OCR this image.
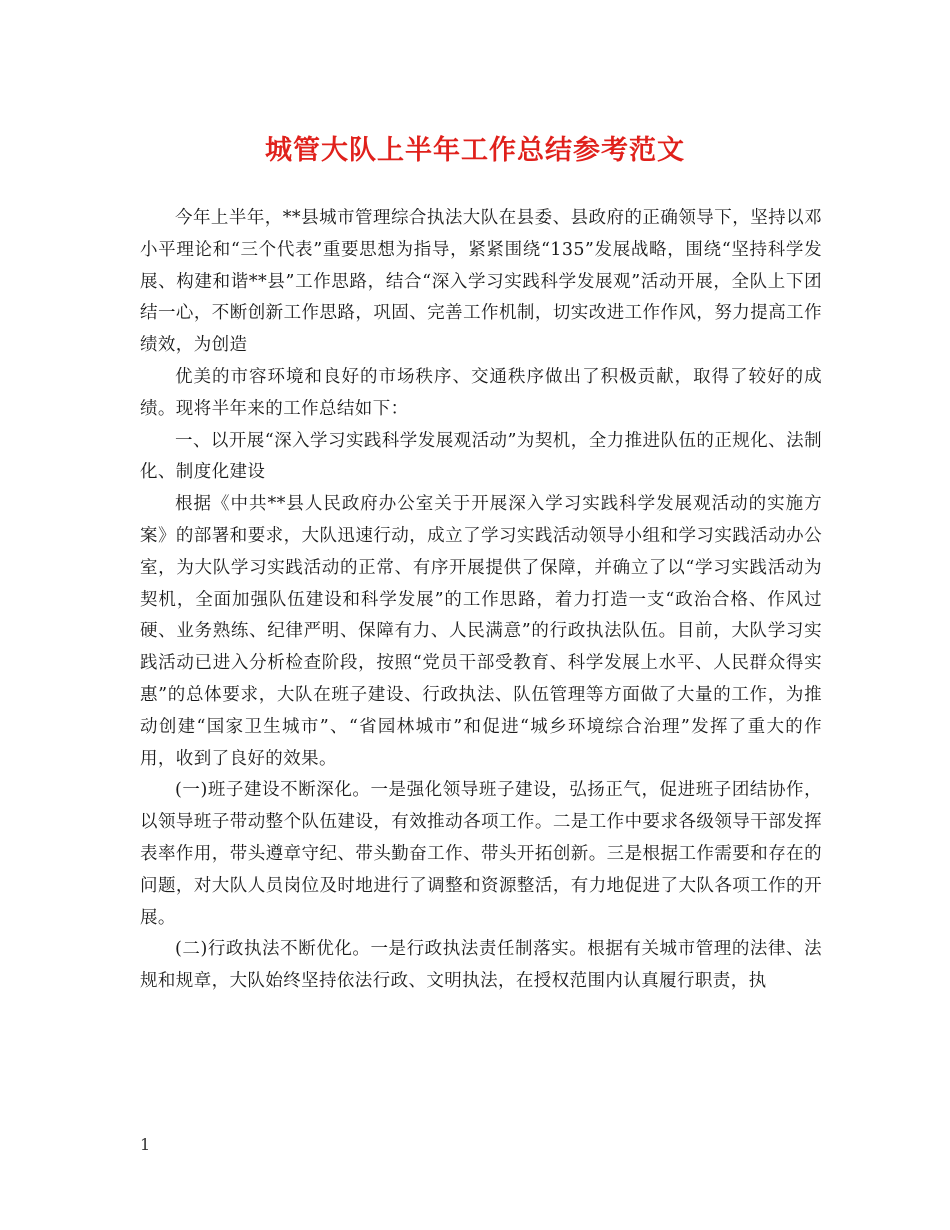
城管大队上半年工作总结参考范文

今年上半年，**县城市管理综合执法大队在县委、县政府的正确领导下，坚持以邓小平理论和“三个代表”重要思想为指导，紧紧围绕“135”发展战略，围绕“坚持科学发展、构建和谐**县”工作思路，结合“深入学习实践科学发展观”活动开展，全队上下团结一心，不断创新工作思路，巩固、完善工作机制，切实改进工作作风，努力提高工作绩效，为创造

优美的市容环境和良好的市场秩序、交通秩序做出了积极贡献，取得了较好的成绩。现将半年来的工作总结如下：

一、以开展“深入学习实践科学发展观活动”为契机，全力推进队伍的正规化、法制化、制度化建设

根据《中共**县人民政府办公室关于开展深入学习实践科学发展观活动的实施方案》的部署和要求，大队迅速行动，成立了学习实践活动领导小组和学习实践活动办公室，为大队学习实践活动的正常、有序开展提供了保障，并确立了以“学习实践活动为契机，全面加强队伍建设和科学发展”的工作思路，着力打造一支“政治合格、作风过硬、业务熟练、纪律严明、保障有力、人民满意”的行政执法队伍。目前，大队学习实践活动已进入分析检查阶段，按照“党员干部受教育、科学发展上水平、人民群众得实惠”的总体要求，大队在班子建设、行政执法、队伍管理等方面做了大量的工作，为推动创建“国家卫生城市”、“省园林城市”和促进“城乡环境综合治理”发挥了重大的作用，收到了良好的效果。

(一)班子建设不断深化。一是强化领导班子建设，弘扬正气，促进班子团结协作，以领导班子带动整个队伍建设，有效推动各项工作。二是工作中要求各级领导干部发挥表率作用，带头遵章守纪、带头勤奋工作、带头开拓创新。三是根据工作需要和存在的问题，对大队人员岗位及时地进行了调整和资源整活，有力地促进了大队各项工作的开展。

(二)行政执法不断优化。一是行政执法责任制落实。根据有关城市管理的法律、法规和规章，大队始终坚持依法行政、文明执法，在授权范围内认真履行职责，执

1
